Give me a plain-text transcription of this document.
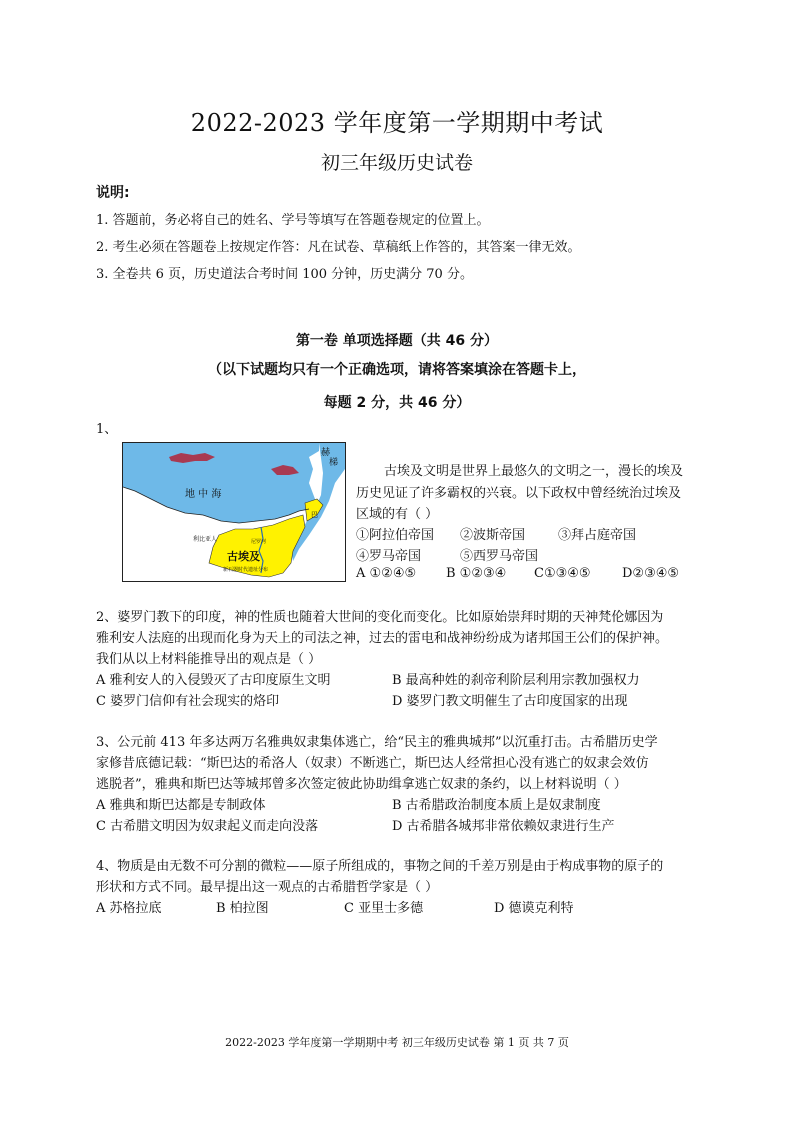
2022-2023 学年度第一学期期中考试
初三年级历史试卷
说明:
1. 答题前，务必将自己的姓名、学号等填写在答题卷规定的位置上。
2. 考生必须在答题卷上按规定作答：凡在试卷、草稿纸上作答的，其答案一律无效。
3. 全卷共 6 页，历史道法合考时间 100 分钟，历史满分 70 分。
第一卷 单项选择题（共 46 分）
（以下试题均只有一个正确选项，请将答案填涂在答题卡上，
每题 2 分，共 46 分）
1、
地 中 海
古埃及
新石器时代遗址分布
利比亚人	尼罗河
赫
梯
巴
古埃及文明是世界上最悠久的文明之一，漫长的埃及
历史见证了许多霸权的兴衰。以下政权中曾经统治过埃及
区域的有（ ）
①阿拉伯帝国 ②波斯帝国	③拜占庭帝国
④罗马帝国	⑤西罗马帝国
A ①②④⑤ B ①②③④ C①③④⑤ D②③④⑤
2、婆罗门教下的印度，神的性质也随着大世间的变化而变化。比如原始崇拜时期的天神梵伦娜因为
雅利安人法庭的出现而化身为天上的司法之神，过去的雷电和战神纷纷成为诸邦国王公们的保护神。
我们从以上材料能推导出的观点是（ ）
A 雅利安人的入侵毁灭了古印度原生文明	B 最高种姓的刹帝利阶层利用宗教加强权力
C 婆罗门信仰有社会现实的烙印	D 婆罗门教文明催生了古印度国家的出现
3、公元前 413 年多达两万名雅典奴隶集体逃亡，给“民主的雅典城邦”以沉重打击。古希腊历史学
家修昔底德记载：“斯巴达的希洛人（奴隶）不断逃亡，斯巴达人经常担心没有逃亡的奴隶会效仿
逃脱者”，雅典和斯巴达等城邦曾多次签定彼此协助缉拿逃亡奴隶的条约，以上材料说明（ ）
A 雅典和斯巴达都是专制政体	B 古希腊政治制度本质上是奴隶制度
C 古希腊文明因为奴隶起义而走向没落	D 古希腊各城邦非常依赖奴隶进行生产
4、物质是由无数不可分割的微粒——原子所组成的，事物之间的千差万别是由于构成事物的原子的
形状和方式不同。最早提出这一观点的古希腊哲学家是（ ）
A 苏格拉底	B 柏拉图	C 亚里士多德	D 德谟克利特
2022-2023 学年度第一学期期中考 初三年级历史试卷 第 1 页 共 7 页
